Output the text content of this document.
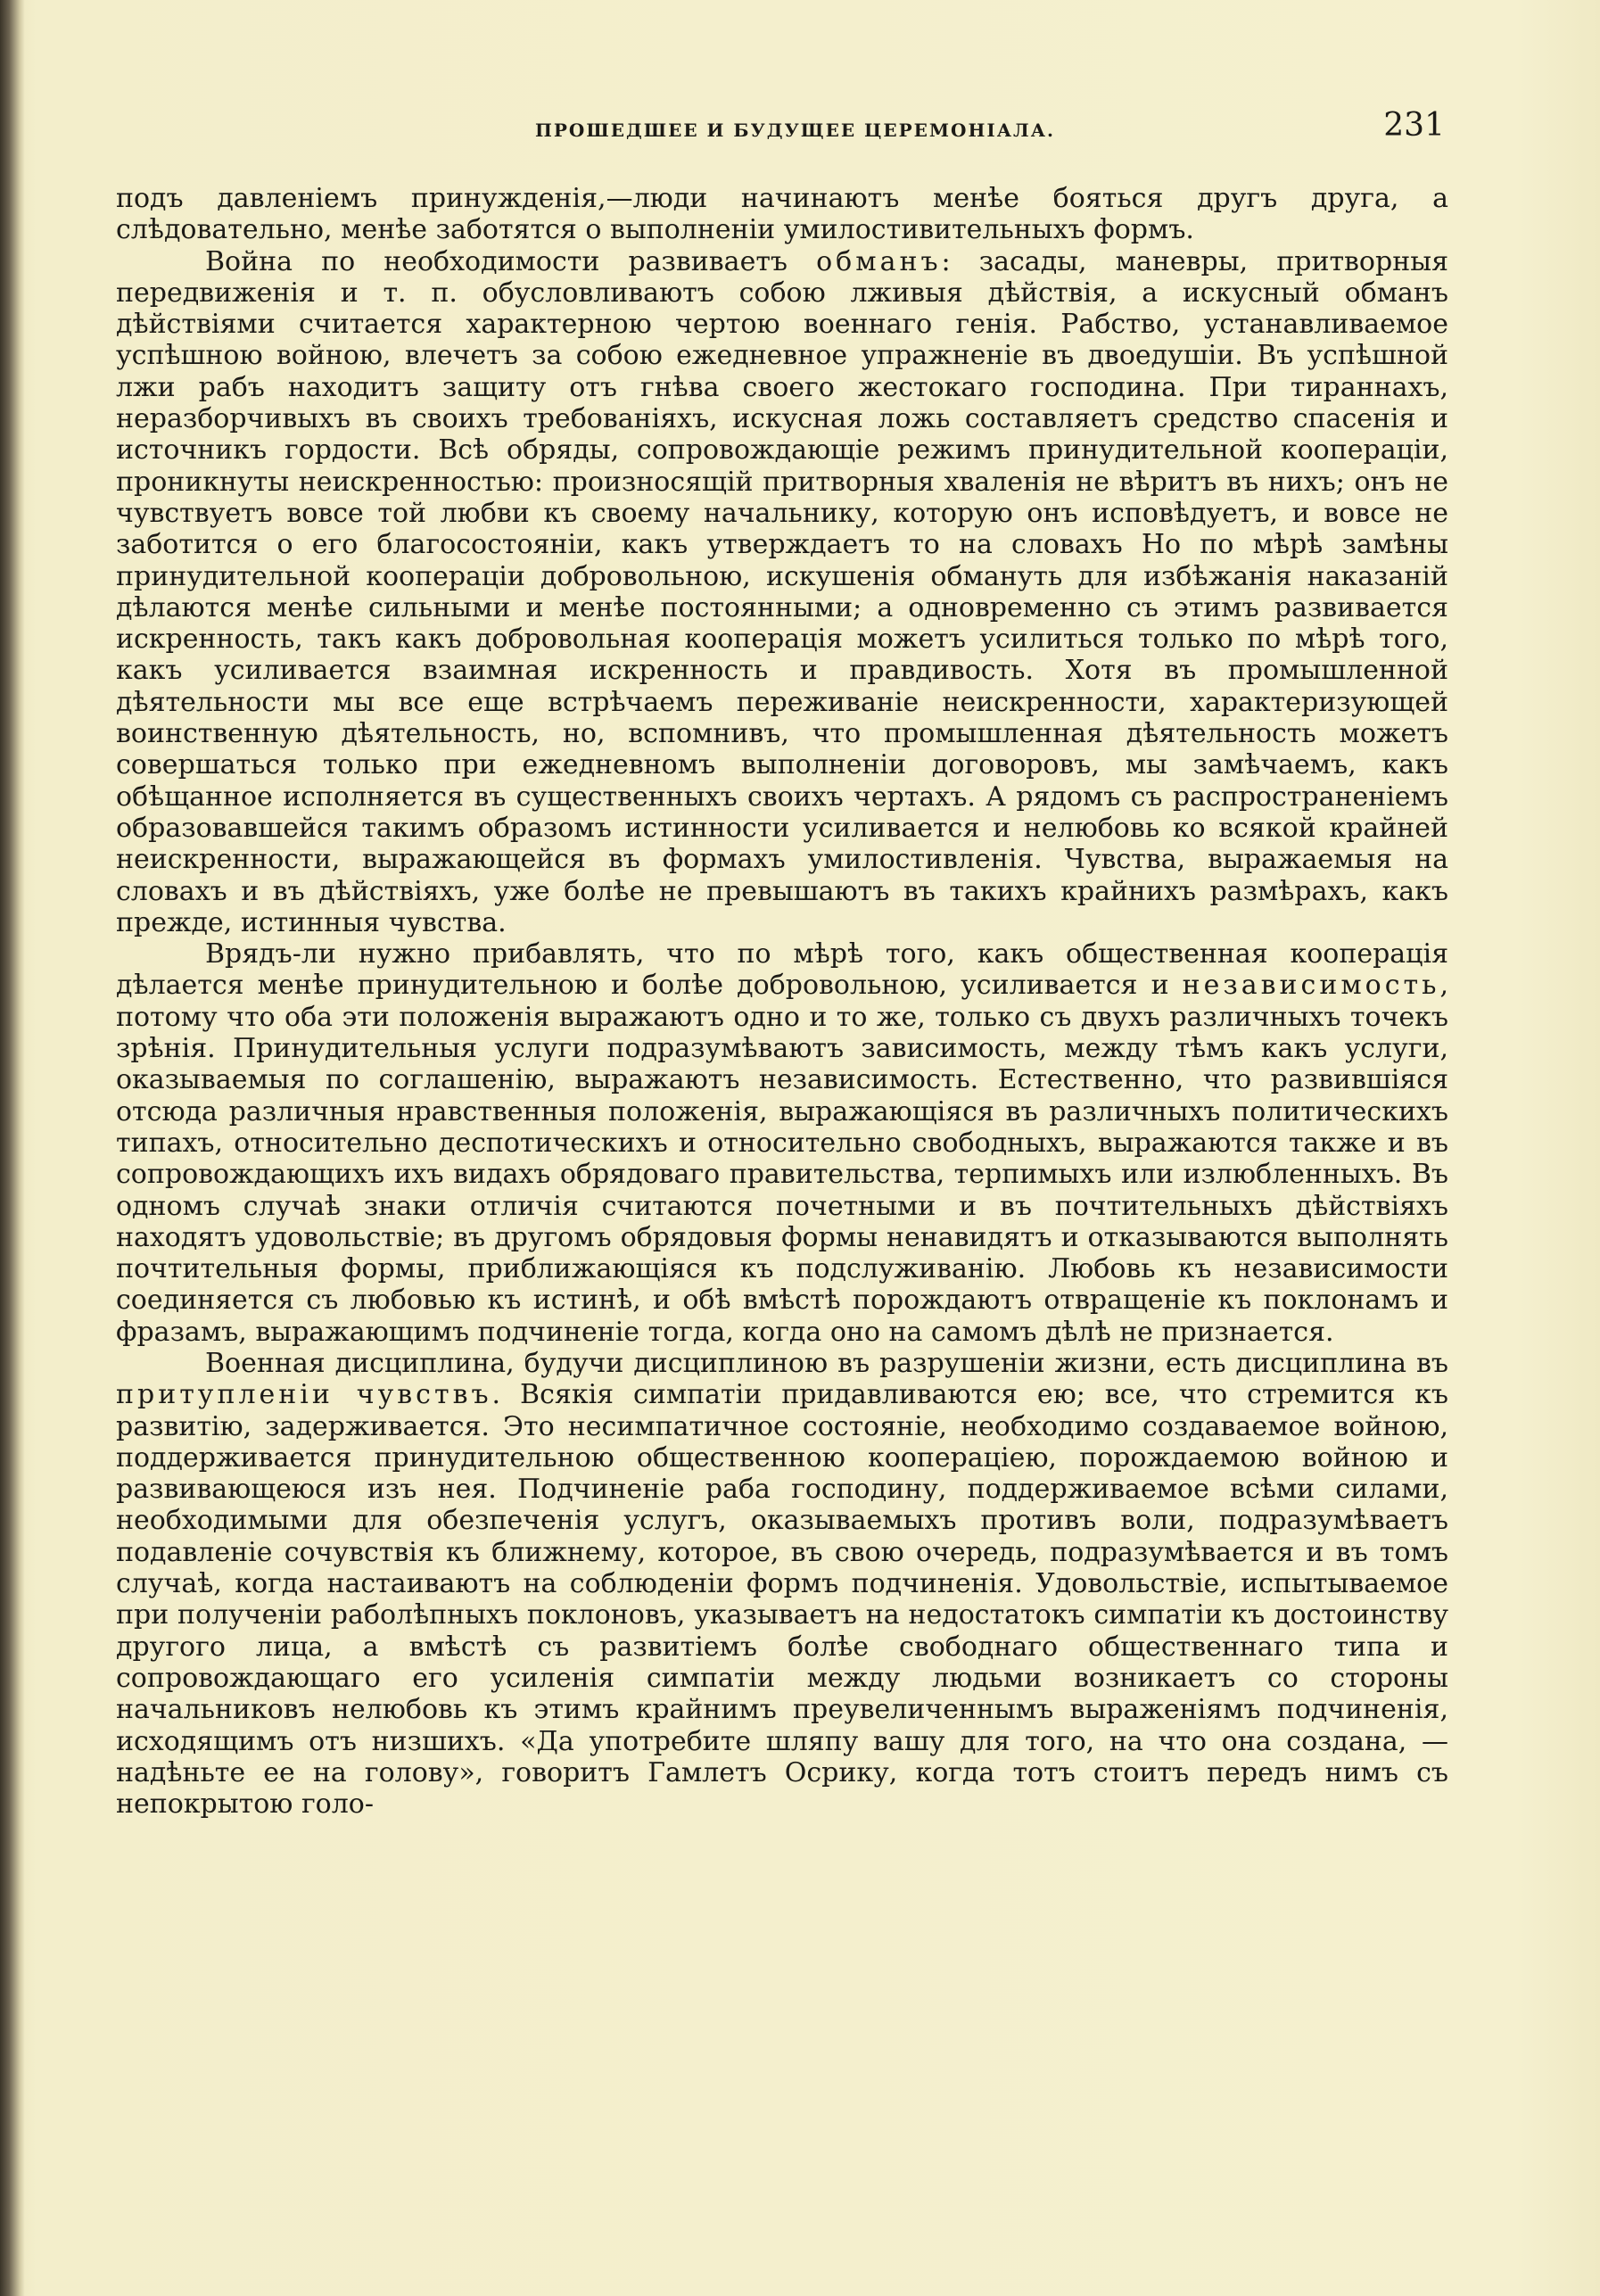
ПРОШЕДШЕЕ И БУДУЩЕЕ ЦЕРЕМОНІАЛА.	231

подъ давленіемъ принужденія,—люди начинаютъ менѣе бояться другъ друга, а слѣдовательно, менѣе заботятся о выполненіи умилостивительныхъ формъ.

Война по необходимости развиваетъ обманъ: засады, маневры, притворныя передвиженія и т. п. обусловливаютъ собою лживыя дѣйствія, а искусный обманъ дѣйствіями считается характерною чертою военнаго генія. Рабство, устанавливаемое успѣшною войною, влечетъ за собою ежедневное упражненіе въ двоедушіи. Въ успѣшной лжи рабъ находитъ защиту отъ гнѣва своего жестокаго господина. При тираннахъ, неразборчивыхъ въ своихъ требованіяхъ, искусная ложь составляетъ средство спасенія и источникъ гордости. Всѣ обряды, сопровождающіе режимъ принудительной коопераціи, проникнуты неискренностью: произносящій притворныя хваленія не вѣритъ въ нихъ; онъ не чувствуетъ вовсе той любви къ своему начальнику, которую онъ исповѣдуетъ, и вовсе не заботится о его благосостояніи, какъ утверждаетъ то на словахъ Но по мѣрѣ замѣны принудительной коопераціи добровольною, искушенія обмануть для избѣжанія наказаній дѣлаются менѣе сильными и менѣе постоянными; а одновременно съ этимъ развивается искренность, такъ какъ добровольная кооперація можетъ усилиться только по мѣрѣ того, какъ усиливается взаимная искренность и правдивость. Хотя въ промышленной дѣятельности мы все еще встрѣчаемъ переживаніе неискренности, характеризующей воинственную дѣятельность, но, вспомнивъ, что промышленная дѣятельность можетъ совершаться только при ежедневномъ выполненіи договоровъ, мы замѣчаемъ, какъ обѣщанное исполняется въ существенныхъ своихъ чертахъ. А рядомъ съ распространеніемъ образовавшейся такимъ образомъ истинности усиливается и нелюбовь ко всякой крайней неискренности, выражающейся въ формахъ умилостивленія. Чувства, выражаемыя на словахъ и въ дѣйствіяхъ, уже болѣе не превышаютъ въ такихъ крайнихъ размѣрахъ, какъ прежде, истинныя чувства.

Врядъ-ли нужно прибавлять, что по мѣрѣ того, какъ общественная кооперація дѣлается менѣе принудительною и болѣе добровольною, усиливается и независимость, потому что оба эти положенія выражаютъ одно и то же, только съ двухъ различныхъ точекъ зрѣнія. Принудительныя услуги подразумѣваютъ зависимость, между тѣмъ какъ услуги, оказываемыя по соглашенію, выражаютъ независимость. Естественно, что развившіяся отсюда различныя нравственныя положенія, выражающіяся въ различныхъ политическихъ типахъ, относительно деспотическихъ и относительно свободныхъ, выражаются также и въ сопровождающихъ ихъ видахъ обрядоваго правительства, терпимыхъ или излюбленныхъ. Въ одномъ случаѣ знаки отличія считаются почетными и въ почтительныхъ дѣйствіяхъ находятъ удовольствіе; въ другомъ обрядовыя формы ненавидятъ и отказываются выполнять почтительныя формы, приближающіяся къ подслуживанію. Любовь къ независимости соединяется съ любовью къ истинѣ, и обѣ вмѣстѣ порождаютъ отвращеніе къ поклонамъ и фразамъ, выражающимъ подчиненіе тогда, когда оно на самомъ дѣлѣ не признается.

Военная дисциплина, будучи дисциплиною въ разрушеніи жизни, есть дисциплина въ притупленіи чувствъ. Всякія симпатіи придавливаются ею; все, что стремится къ развитію, задерживается. Это несимпатичное состояніе, необходимо создаваемое войною, поддерживается принудительною общественною коопераціею, порождаемою войною и развивающеюся изъ нея. Подчиненіе раба господину, поддерживаемое всѣми силами, необходимыми для обезпеченія услугъ, оказываемыхъ противъ воли, подразумѣваетъ подавленіе сочувствія къ ближнему, которое, въ свою очередь, подразумѣвается и въ томъ случаѣ, когда настаиваютъ на соблюденіи формъ подчиненія. Удовольствіе, испытываемое при полученіи раболѣпныхъ поклоновъ, указываетъ на недостатокъ симпатіи къ достоинству другого лица, а вмѣстѣ съ развитіемъ болѣе свободнаго общественнаго типа и сопровождающаго его усиленія симпатіи между людьми возникаетъ со стороны начальниковъ нелюбовь къ этимъ крайнимъ преувеличеннымъ выраженіямъ подчиненія, исходящимъ отъ низшихъ. «Да употребите шляпу вашу для того, на что она создана, — надѣньте ее на голову», говоритъ Гамлетъ Осрику, когда тотъ стоитъ передъ нимъ съ непокрытою голо-
